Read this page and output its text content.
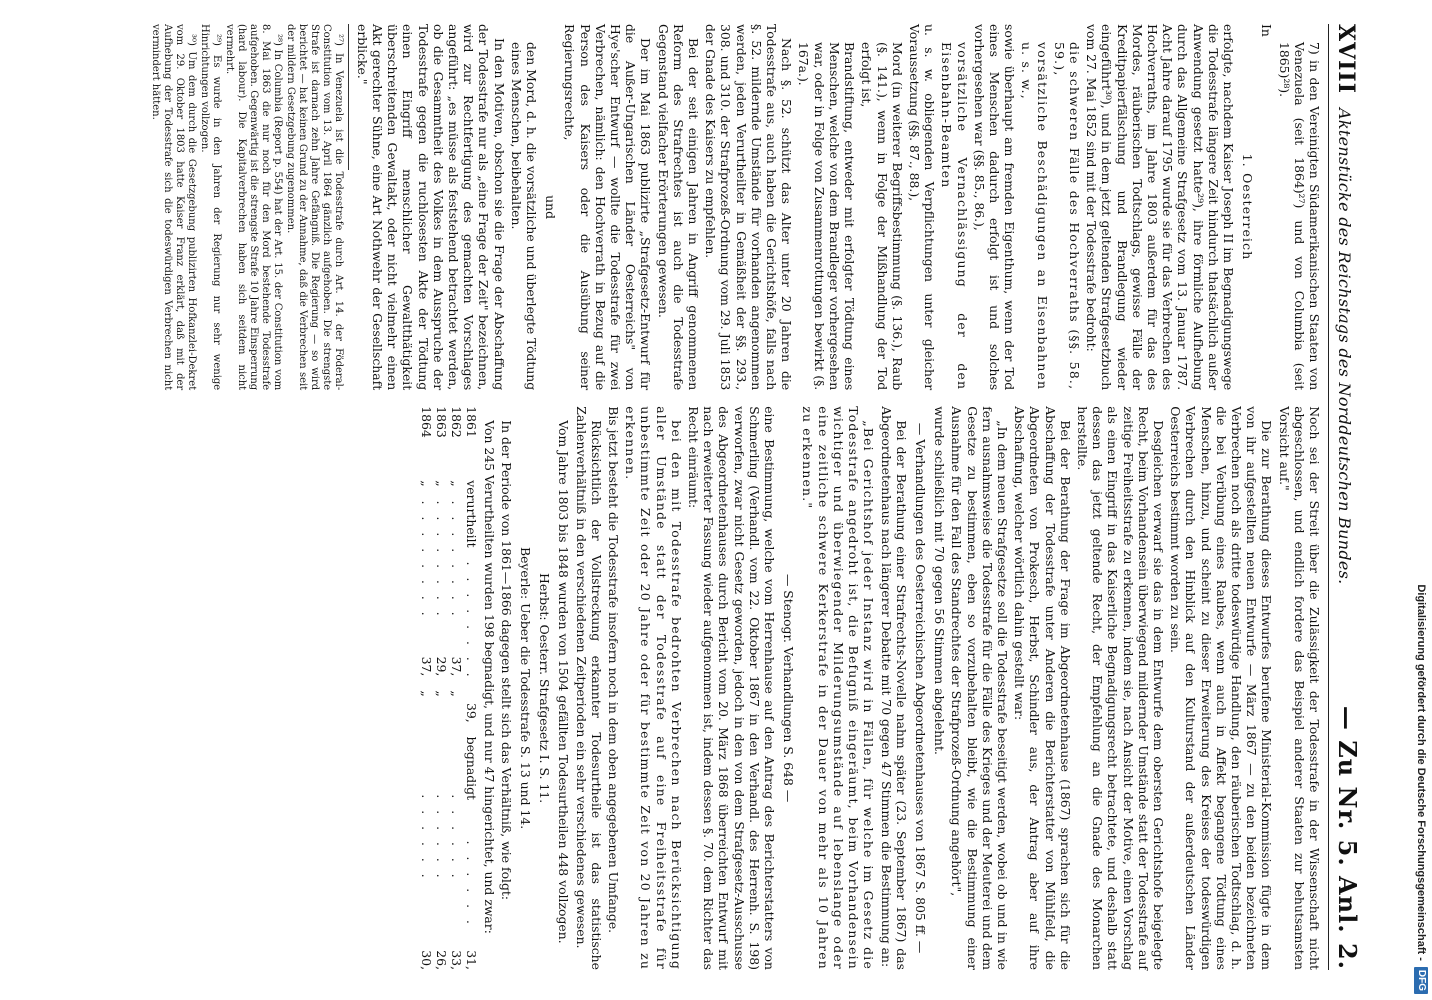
XVIII
Aktenstücke des Reichstags des Norddeutschen Bundes.
— Zu Nr. 5. Anl. 2.

7) in den Vereinigten Südamerikanischen Staaten von Venezuela (seit 1864)²⁷) und von Columbia (seit 1865)²⁸).

In

1. Oesterreich

erfolgte, nachdem Kaiser Joseph II im Begnadigungswege die Todesstrafe längere Zeit hindurch thatsächlich außer Anwendung gesetzt hatte²⁹), ihre förmliche Aufhebung durch das Allgemeine Strafgesetz vom 13. Januar 1787. Acht Jahre darauf 1795 wurde sie für das Verbrechen des Hochverraths, im Jahre 1803 außerdem für das des Mordes, räuberischen Todtschlags, gewisse Fälle der Kreditpapierfälschung und Brandlegung wieder eingeführt³⁰), und in dem jetzt geltenden Strafgesetzbuch vom 27. Mai 1852 sind mit der Todesstrafe bedroht:

die schweren Fälle des Hochverraths (§§. 58., 59.),

vorsätzliche Beschädigungen an Eisenbahnen u. s. w.,

sowie überhaupt am fremden Eigenthum, wenn der Tod eines Menschen dadurch erfolgt ist und solches vorhergesehen war (§§. 85., 86.),

vorsätzliche Vernachlässigung der den Eisenbahn-Beamten

u. s. w. obliegenden Verpflichtungen unter gleicher Voraussetzung (§§. 87., 88.),

Mord (in weiterer Begriffsbestimmung (§. 136.), Raub (§. 141.), wenn in Folge der Mißhandlung der Tod erfolgt ist,

Brandstiftung, entweder mit erfolgter Tödtung eines Menschen, welche von dem Brandleger vorhergesehen war, oder in Folge von Zusammenrottungen bewirkt (§. 167a.).

Nach §. 52. schützt das Alter unter 20 Jahren die Todesstrafe aus, auch haben die Gerichtshöfe, falls nach §. 52. mildernde Umstände für vorhanden angenommen werden, jeden Verurtheilter in Gemäßheit der §§. 293., 308. und 310. der Strafprozeß-Ordnung vom 29. Juli 1853 der Gnade des Kaisers zu empfehlen.

Bei der seit einigen Jahren in Angriff genommenen Reform des Strafrechtes ist auch die Todesstrafe Gegenstand vielfacher Erörterungen gewesen.

Der im Mai 1863 publizirte „Strafgesetz-Entwurf für die Außer-Ungarischen Länder Oesterreichs" von Hye'scher Entwurf — wollte die Todesstrafe für zwei Verbrechen, nämlich: den Hochverrath in Bezug auf die Person des Kaisers oder die Ausübung seiner Regierungsrechte,

und

den Mord, d. h. die vorsätzliche und überlegte Tödtung eines Menschen, beibehalten.

In den Motiven, obschon sie die Frage der Abschaffung der Todesstrafe nur als „eine Frage der Zeit" bezeichnen, wird zur Rechtfertigung des gemachten Vorschlages angeführt: „es müsse als feststehend betrachtet werden, ob die Gesammtheit des Volkes in dem Ausspruche der Todesstrafe gegen die ruchlosesten Akte der Tödtung einen Eingriff menschlicher Gewaltthätigkeit überschreitenden Gewaltakt, oder nicht vielmehr einen Akt gerechter Sühne, eine Art Nothwehr der Gesellschaft erblicke."

²⁷) In Venezuela ist die Todesstrafe durch Art. 14. der Föderal-Constitution vom 13. April 1864 gänzlich aufgehoben. Die strengste Strafe ist darnach zehn Jahre Gefängniß. Die Regierung — so wird berichtet — hat keinen Grund zu der Annahme, daß die Verbrechen seit der mildern Gesetzgebung zugenommen.

²⁸) In Columbia (Report p. 554) hat der Art. 15. der Constitution vom 8. Mai 1863 die nur noch für den Mord bestehende Todesstrafe aufgehoben. Gegenwärtig ist die strengste Strafe 10 Jahre Einsperrung (hard labour). Die Kapitalverbrechen haben sich seitdem nicht vermehrt.

²⁹) Es wurde in den Jahren der Regierung nur sehr wenige Hinrichtungen vollzogen.

³⁰) Um dem durch die Gesetzgebung publizirten Hofkanzlei-Dekret vom 29. Oktober 1803 hatte Kaiser Franz erklärt, daß mit der Aufhebung der Todesstrafe sich die todeswürdigen Verbrechen nicht vermindert hätten.

Noch sei der Streit über die Zulässigkeit der Todesstrafe in der Wissenschaft nicht abgeschlossen, und endlich fordere das Beispiel anderer Staaten zur behutsamsten Vorsicht auf."

Die zur Berathung dieses Entwurfes berufene Ministerial-Kommission fügte in dem von ihr aufgestellten neuen Entwurfe — März 1867 — zu den beiden bezeichneten Verbrechen noch als dritte todeswürdige Handlung, den räuberischen Todtschlag, d. h. die bei Verübung eines Raubes, wenn auch in Affekt begangene Tödtung eines Menschen, hinzu, und scheint zu dieser Erweiterung des Kreises der todeswürdigen Verbrechen durch den Hinblick auf den Kulturstand der außerdeutschen Länder Oesterreichs bestimmt worden zu sein.

Desgleichen verwarf sie das in dem Entwurfe dem obersten Gerichtshofe beigelegte Recht, beim Vorhandensein überwiegend mildernder Umstände statt der Todesstrafe auf zeitige Freiheitsstrafe zu erkennen, indem sie, nach Ansicht der Motive, einen Vorschlag als einen Eingriff in das Kaiserliche Begnadigungsrecht betrachtete, und deshalb statt dessen das jetzt geltende Recht, der Empfehlung an die Gnade des Monarchen herstellte.

Bei der Berathung der Frage im Abgeordnetenhause (1867) sprachen sich für die Abschaffung der Todesstrafe unter Anderen die Berichterstatter von Mühlfeld, die Abgeordneten von Prokesch, Herbst, Schindler aus, der Antrag aber auf ihre Abschaffung, welcher wörtlich dahin gestellt war:

„In dem neuen Strafgesetze soll die Todesstrafe beseitigt werden, wobei ob und in wie fern ausnahmsweise die Todesstrafe für die Fälle des Krieges und der Meuterei und dem Gesetze zu bestimmen, eben so vorzubehalten bleibt, wie die Bestimmung einer Ausnahme für den Fall des Standrechtes der Strafprozeß-Ordnung angehört",

wurde schließlich mit 70 gegen 56 Stimmen abgelehnt.

— Verhandlungen des Oesterreichischen Abgeordnetenhauses von 1867 S. 805 ff. —

Bei der Berathung einer Strafrechts-Novelle nahm später (23. September 1867) das Abgeordnetenhaus nach längerer Debatte mit 70 gegen 47 Stimmen die Bestimmung an:

„Bei Gerichtshof jeder Instanz wird in Fällen, für welche im Gesetz die Todesstrafe angedroht ist, die Befugniß eingeräumt, beim Vorhandensein wichtiger und überwiegender Milderungsumstände auf lebenslange oder eine zeitliche schwere Kerkerstrafe in der Dauer von mehr als 10 Jahren zu erkennen."

— Stenogr. Verhandlungen S. 648 —

eine Bestimmung, welche vom Herrenhause auf den Antrag des Berichterstatters von Schmerling (Verhandl. vom 22. Oktober 1867 in den Verhandl. des Herrenh. S. 198) verworfen, zwar nicht Gesetz geworden, jedoch in den von dem Strafgesetz-Ausschusse des Abgeordnetenhauses durch Bericht vom 20. März 1868 überreichten Entwurf mit nach erweiterter Fassung wieder aufgenommen ist, indem dessen §. 70. dem Richter das Recht einräumt:

bei den mit Todesstrafe bedrohten Verbrechen nach Berücksichtigung aller Umstände statt der Todesstrafe auf eine Freiheitsstrafe für unbestimmte Zeit oder 20 Jahre oder für bestimmte Zeit von 20 Jahren zu erkennen.

Bis jetzt besteht die Todesstrafe insofern noch in dem oben angegebenen Umfange.

Rücksichtlich der Vollstreckung erkannter Todesurtheile ist das statistische Zahlenverhältniß in den verschiedenen Zeitperioden ein sehr verschiedenes gewesen.

Vom Jahre 1803 bis 1848 wurden von 1504 gefällten Todesurtheilen 448 vollzogen.

Herbst: Oesterr. Strafgesetz I. S. 11.

Beyerle: Ueber die Todesstrafe S. 13 und 14.

In der Periode von 1861—1866 dagegen stellt sich das Verhältniß, wie folgt:

Von 245 Verurtheilten wurden 198 begnadigt, und nur 47 hingerichtet, und zwar:

1861
verurtheilt
. . . . . . . .
39,
begnadigt
. . . . . .
31,
1862
„
. . . . . . . .
37,
„
. . . . . .
33,
1863
„
. . . . . . . .
29,
„
. . . . . .
26,
1864
„
. . . . . . . .
37,
„
. . . . . .
30,	Digitalisierung gefördert durch die Deutsche Forschungsgemeinschaft -
DFG
